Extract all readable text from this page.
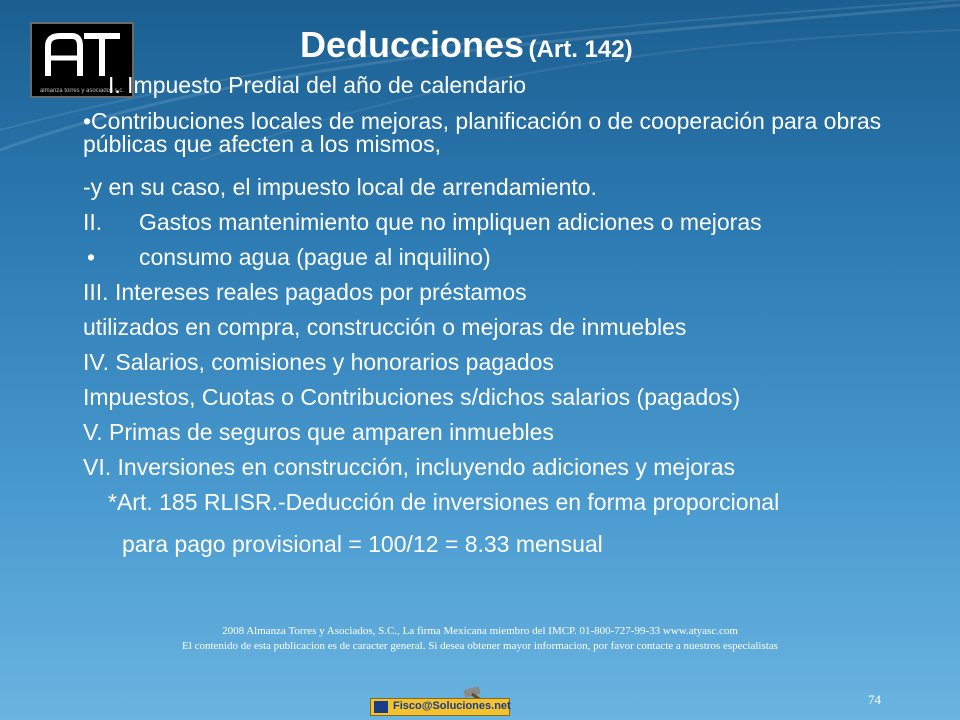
almanza torres y asociados s.c.
Deducciones (Art. 142)
I. Impuesto Predial del año de calendario
•Contribuciones locales de mejoras, planificación o de cooperación para obras públicas que afecten a los mismos,
-y en su caso, el impuesto local de arrendamiento.
II. Gastos mantenimiento que no impliquen adiciones o mejoras
• consumo agua (pague al inquilino)
III. Intereses reales pagados por préstamos
utilizados en compra, construcción o mejoras de inmuebles
IV. Salarios, comisiones y honorarios pagados
Impuestos, Cuotas o Contribuciones s/dichos salarios (pagados)
V. Primas de seguros que amparen inmuebles
VI. Inversiones en construcción, incluyendo adiciones y mejoras
*Art. 185 RLISR.-Deducción de inversiones en forma proporcional
para pago provisional = 100/12 = 8.33 mensual
2008 Almanza Torres y Asociados, S.C., La firma Mexicana miembro del IMCP. 01-800-727-99-33 www.atyasc.com
El contenido de esta publicacion es de caracter general. Si desea obtener mayor informacion, por favor contacte a nuestros especialistas
Fisco@Soluciones.net	74
